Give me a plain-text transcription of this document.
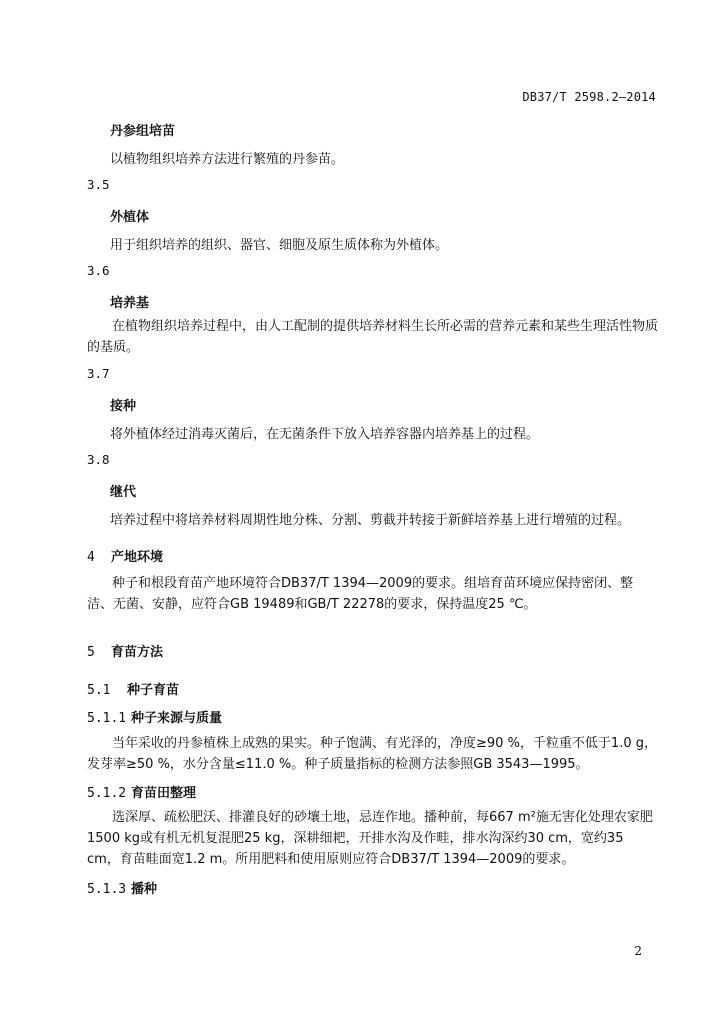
DB37/T 2598.2—2014
丹参组培苗
以植物组织培养方法进行繁殖的丹参苗。
3.5
外植体
用于组织培养的组织、器官、细胞及原生质体称为外植体。
3.6
培养基
在植物组织培养过程中，由人工配制的提供培养材料生长所必需的营养元素和某些生理活性物质的基质。
3.7
接种
将外植体经过消毒灭菌后，在无菌条件下放入培养容器内培养基上的过程。
3.8
继代
培养过程中将培养材料周期性地分株、分割、剪截并转接于新鲜培养基上进行增殖的过程。
4 产地环境
种子和根段育苗产地环境符合DB37/T 1394—2009的要求。组培育苗环境应保持密闭、整洁、无菌、安静，应符合GB 19489和GB/T 22278的要求，保持温度25 ℃。
5 育苗方法
5.1 种子育苗
5.1.1 种子来源与质量
当年采收的丹参植株上成熟的果实。种子饱满、有光泽的，净度≥90 %，千粒重不低于1.0 g，发芽率≥50 %，水分含量≤11.0 %。种子质量指标的检测方法参照GB 3543—1995。
5.1.2 育苗田整理
选深厚、疏松肥沃、排灌良好的砂壤土地，忌连作地。播种前，每667 m²施无害化处理农家肥1500 kg或有机无机复混肥25 kg，深耕细耙，开排水沟及作畦，排水沟深约30 cm，宽约35 cm，育苗畦面宽1.2 m。所用肥料和使用原则应符合DB37/T 1394—2009的要求。
5.1.3 播种
2
